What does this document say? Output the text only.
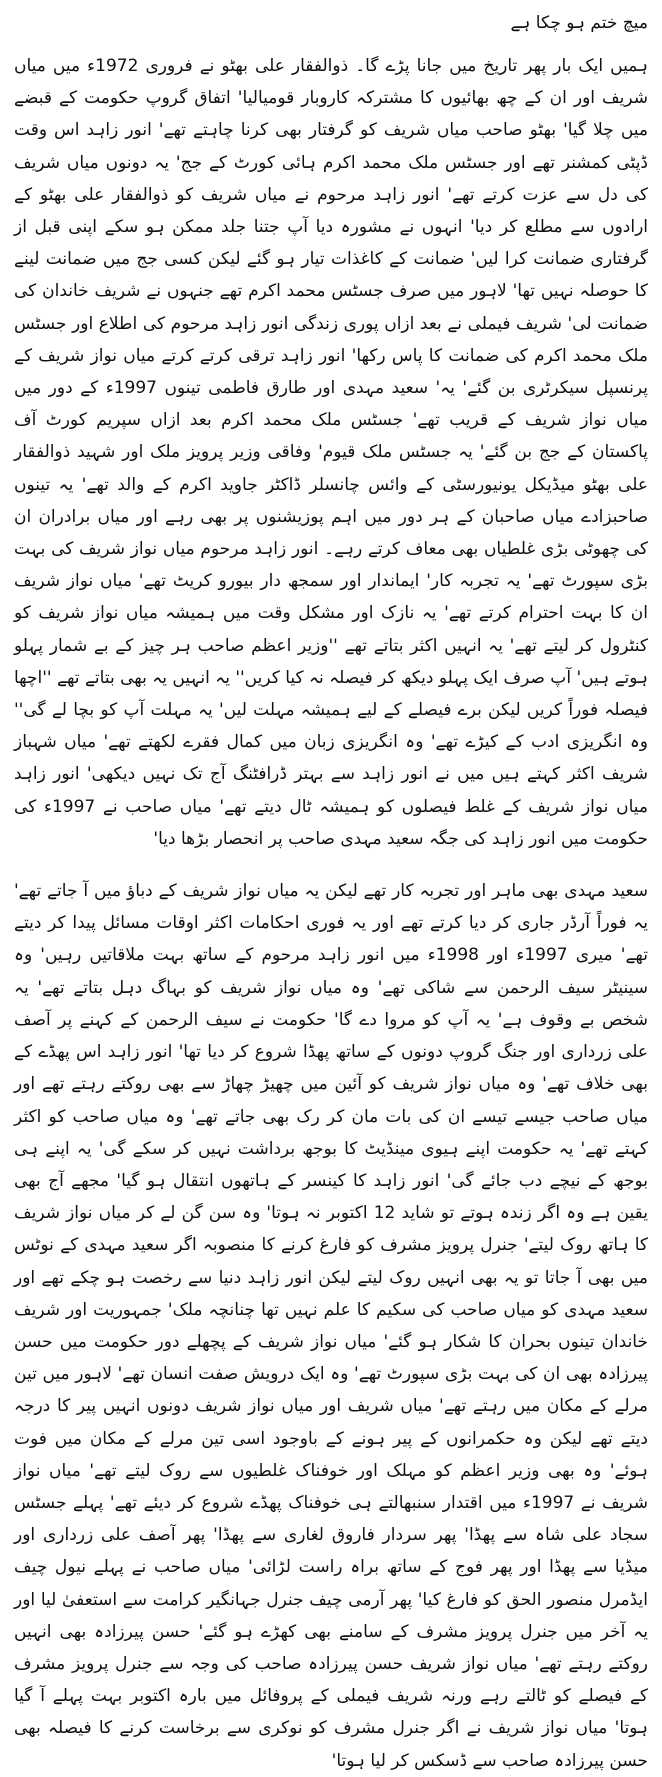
میچ ختم ہو چکا ہے

ہمیں ایک بار پھر تاریخ میں جانا پڑے گا۔ ذوالفقار علی بھٹو نے فروری 1972ء میں میاں شریف اور ان کے چھ بھائیوں کا مشترکہ کاروبار قومیالیا' اتفاق گروپ حکومت کے قبضے میں چلا گیا' بھٹو صاحب میاں شریف کو گرفتار بھی کرنا چاہتے تھے' انور زاہد اس وقت ڈپٹی کمشنر تھے اور جسٹس ملک محمد اکرم ہائی کورٹ کے جج' یہ دونوں میاں شریف کی دل سے عزت کرتے تھے' انور زاہد مرحوم نے میاں شریف کو ذوالفقار علی بھٹو کے ارادوں سے مطلع کر دیا' انہوں نے مشورہ دیا آپ جتنا جلد ممکن ہو سکے اپنی قبل از گرفتاری ضمانت کرا لیں' ضمانت کے کاغذات تیار ہو گئے لیکن کسی جج میں ضمانت لینے کا حوصلہ نہیں تھا' لاہور میں صرف جسٹس محمد اکرم تھے جنہوں نے شریف خاندان کی ضمانت لی' شریف فیملی نے بعد ازاں پوری زندگی انور زاہد مرحوم کی اطلاع اور جسٹس ملک محمد اکرم کی ضمانت کا پاس رکھا' انور زاہد ترقی کرتے کرتے میاں نواز شریف کے پرنسپل سیکرٹری بن گئے' یہ' سعید مہدی اور طارق فاطمی تینوں 1997ء کے دور میں میاں نواز شریف کے قریب تھے' جسٹس ملک محمد اکرم بعد ازاں سپریم کورٹ آف پاکستان کے جج بن گئے' یہ جسٹس ملک قیوم' وفاقی وزیر پرویز ملک اور شہید ذوالفقار علی بھٹو میڈیکل یونیورسٹی کے وائس چانسلر ڈاکٹر جاوید اکرم کے والد تھے' یہ تینوں صاحبزادے میاں صاحبان کے ہر دور میں اہم پوزیشنوں پر بھی رہے اور میاں برادران ان کی چھوٹی بڑی غلطیاں بھی معاف کرتے رہے۔ انور زاہد مرحوم میاں نواز شریف کی بہت بڑی سپورٹ تھے' یہ تجربہ کار' ایماندار اور سمجھ دار بیورو کریٹ تھے' میاں نواز شریف ان کا بہت احترام کرتے تھے' یہ نازک اور مشکل وقت میں ہمیشہ میاں نواز شریف کو کنٹرول کر لیتے تھے' یہ انہیں اکثر بتاتے تھے ''وزیر اعظم صاحب ہر چیز کے بے شمار پہلو ہوتے ہیں' آپ صرف ایک پہلو دیکھ کر فیصلہ نہ کیا کریں'' یہ انہیں یہ بھی بتاتے تھے ''اچھا فیصلہ فوراً کریں لیکن برے فیصلے کے لیے ہمیشہ مہلت لیں' یہ مہلت آپ کو بچا لے گی'' وہ انگریزی ادب کے کیڑے تھے' وہ انگریزی زبان میں کمال فقرے لکھتے تھے' میاں شہباز شریف اکثر کہتے ہیں میں نے انور زاہد سے بہتر ڈرافٹنگ آج تک نہیں دیکھی' انور زاہد میاں نواز شریف کے غلط فیصلوں کو ہمیشہ ٹال دیتے تھے' میاں صاحب نے 1997ء کی حکومت میں انور زاہد کی جگہ سعید مہدی صاحب پر انحصار بڑھا دیا'

سعید مہدی بھی ماہر اور تجربہ کار تھے لیکن یہ میاں نواز شریف کے دباؤ میں آ جاتے تھے' یہ فوراً آرڈر جاری کر دیا کرتے تھے اور یہ فوری احکامات اکثر اوقات مسائل پیدا کر دیتے تھے' میری 1997ء اور 1998ء میں انور زاہد مرحوم کے ساتھ بہت ملاقاتیں رہیں' وہ سینیٹر سیف الرحمن سے شاکی تھے' وہ میاں نواز شریف کو بہاگ دہل بتاتے تھے' یہ شخص بے وقوف ہے' یہ آپ کو مروا دے گا' حکومت نے سیف الرحمن کے کہنے پر آصف علی زرداری اور جنگ گروپ دونوں کے ساتھ پھڈا شروع کر دیا تھا' انور زاہد اس پھڈے کے بھی خلاف تھے' وہ میاں نواز شریف کو آئین میں چھیڑ چھاڑ سے بھی روکتے رہتے تھے اور میاں صاحب جیسے تیسے ان کی بات مان کر رک بھی جاتے تھے' وہ میاں صاحب کو اکثر کہتے تھے' یہ حکومت اپنے ہیوی مینڈیٹ کا بوجھ برداشت نہیں کر سکے گی' یہ اپنے ہی بوجھ کے نیچے دب جائے گی' انور زاہد کا کینسر کے ہاتھوں انتقال ہو گیا' مجھے آج بھی یقین ہے وہ اگر زندہ ہوتے تو شاید 12 اکتوبر نہ ہوتا' وہ سن گن لے کر میاں نواز شریف کا ہاتھ روک لیتے' جنرل پرویز مشرف کو فارغ کرنے کا منصوبہ اگر سعید مہدی کے نوٹس میں بھی آ جاتا تو یہ بھی انہیں روک لیتے لیکن انور زاہد دنیا سے رخصت ہو چکے تھے اور سعید مہدی کو میاں صاحب کی سکیم کا علم نہیں تھا چنانچہ ملک' جمہوریت اور شریف خاندان تینوں بحران کا شکار ہو گئے' میاں نواز شریف کے پچھلے دور حکومت میں حسن پیرزادہ بھی ان کی بہت بڑی سپورٹ تھے' وہ ایک درویش صفت انسان تھے' لاہور میں تین مرلے کے مکان میں رہتے تھے' میاں شریف اور میاں نواز شریف دونوں انہیں پیر کا درجہ دیتے تھے لیکن وہ حکمرانوں کے پیر ہونے کے باوجود اسی تین مرلے کے مکان میں فوت ہوئے' وہ بھی وزیر اعظم کو مہلک اور خوفناک غلطیوں سے روک لیتے تھے' میاں نواز شریف نے 1997ء میں اقتدار سنبھالتے ہی خوفناک پھڈے شروع کر دیئے تھے' پہلے جسٹس سجاد علی شاہ سے پھڈا' پھر سردار فاروق لغاری سے پھڈا' پھر آصف علی زرداری اور میڈیا سے پھڈا اور پھر فوج کے ساتھ براہ راست لڑائی' میاں صاحب نے پہلے نیول چیف ایڈمرل منصور الحق کو فارغ کیا' پھر آرمی چیف جنرل جہانگیر کرامت سے استعفیٰ لیا اور یہ آخر میں جنرل پرویز مشرف کے سامنے بھی کھڑے ہو گئے' حسن پیرزادہ بھی انہیں روکتے رہتے تھے' میاں نواز شریف حسن پیرزادہ صاحب کی وجہ سے جنرل پرویز مشرف کے فیصلے کو ٹالتے رہے ورنہ شریف فیملی کے پروفائل میں بارہ اکتوبر بہت پہلے آ گیا ہوتا' میاں نواز شریف نے اگر جنرل مشرف کو نوکری سے برخاست کرنے کا فیصلہ بھی حسن پیرزادہ صاحب سے ڈسکس کر لیا ہوتا'
